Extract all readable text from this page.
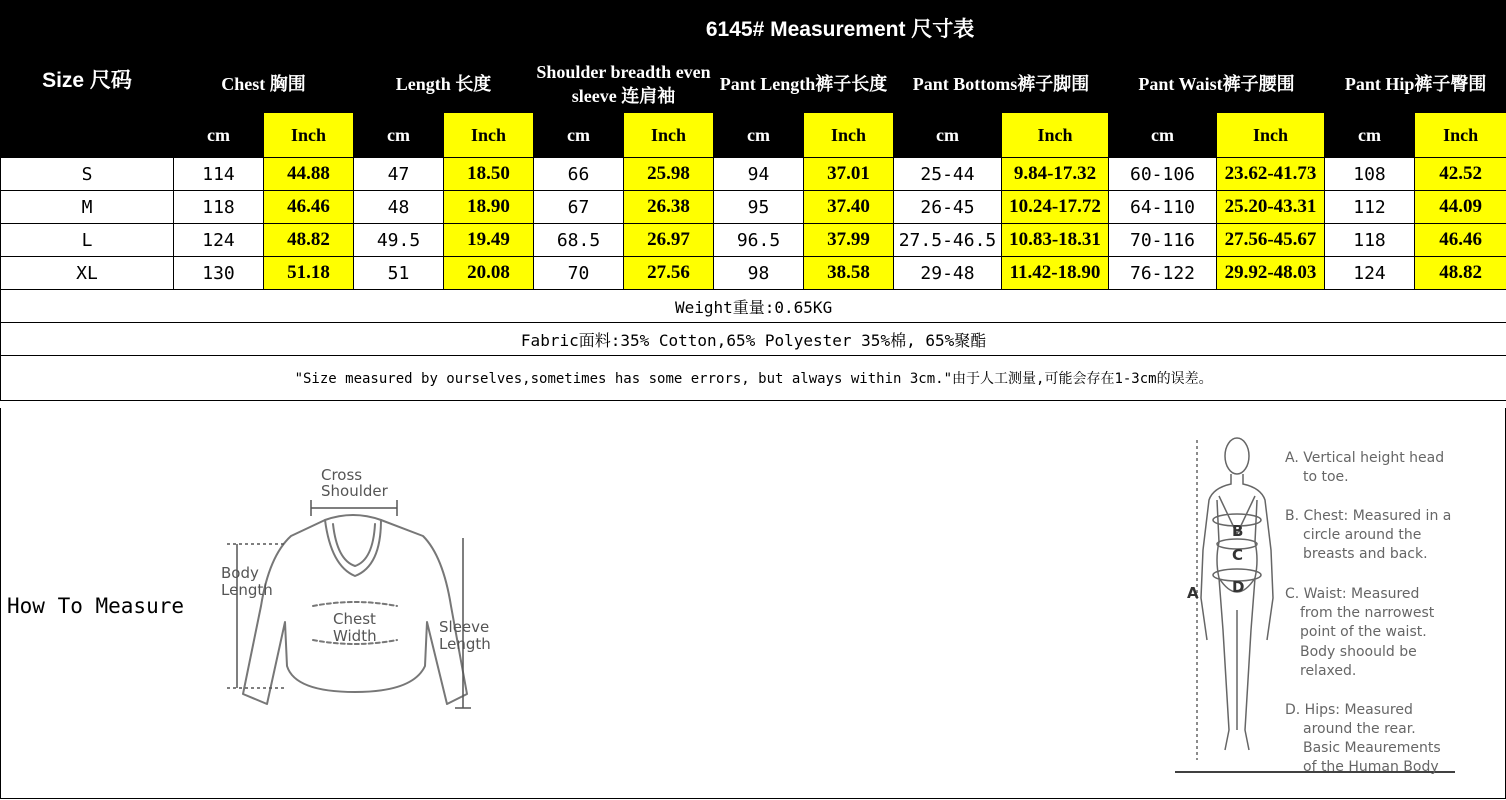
Size 尺码	6145# Measurement 尺寸表													
	Chest 胸围		Length 长度		Shoulder breadth even sleeve 连肩袖		Pant Length裤子长度		Pant Bottoms裤子脚围		Pant Waist裤子腰围		Pant Hip裤子臀围	
	cm	Inch	cm	Inch	cm	Inch	cm	Inch	cm	Inch	cm	Inch	cm	Inch
S	114	44.88	47	18.50	66	25.98	94	37.01	25-44	9.84-17.32	60-106	23.62-41.73	108	42.52
M	118	46.46	48	18.90	67	26.38	95	37.40	26-45	10.24-17.72	64-110	25.20-43.31	112	44.09
L	124	48.82	49.5	19.49	68.5	26.97	96.5	37.99	27.5-46.5	10.83-18.31	70-116	27.56-45.67	118	46.46
XL	130	51.18	51	20.08	70	27.56	98	38.58	29-48	11.42-18.90	76-122	29.92-48.03	124	48.82
Weight重量:0.65KG														
Fabric面料:35% Cotton,65% Polyester 35%棉, 65%聚酯														
"Size measured by ourselves,sometimes has some errors, but always within 3cm."由于人工测量,可能会存在1-3cm的误差。														
How To Measure
Cross
Shoulder
Body
Length
Chest
Width	Sleeve
Length
A
B
C
D
A. Vertical height head
to toe.
B. Chest: Measured in a
circle around the
breasts and back.
C. Waist: Measured
from the narrowest
point of the waist.
Body shoould be
relaxed.
D. Hips: Measured
around the rear.
Basic Meaurements
of the Human Body
